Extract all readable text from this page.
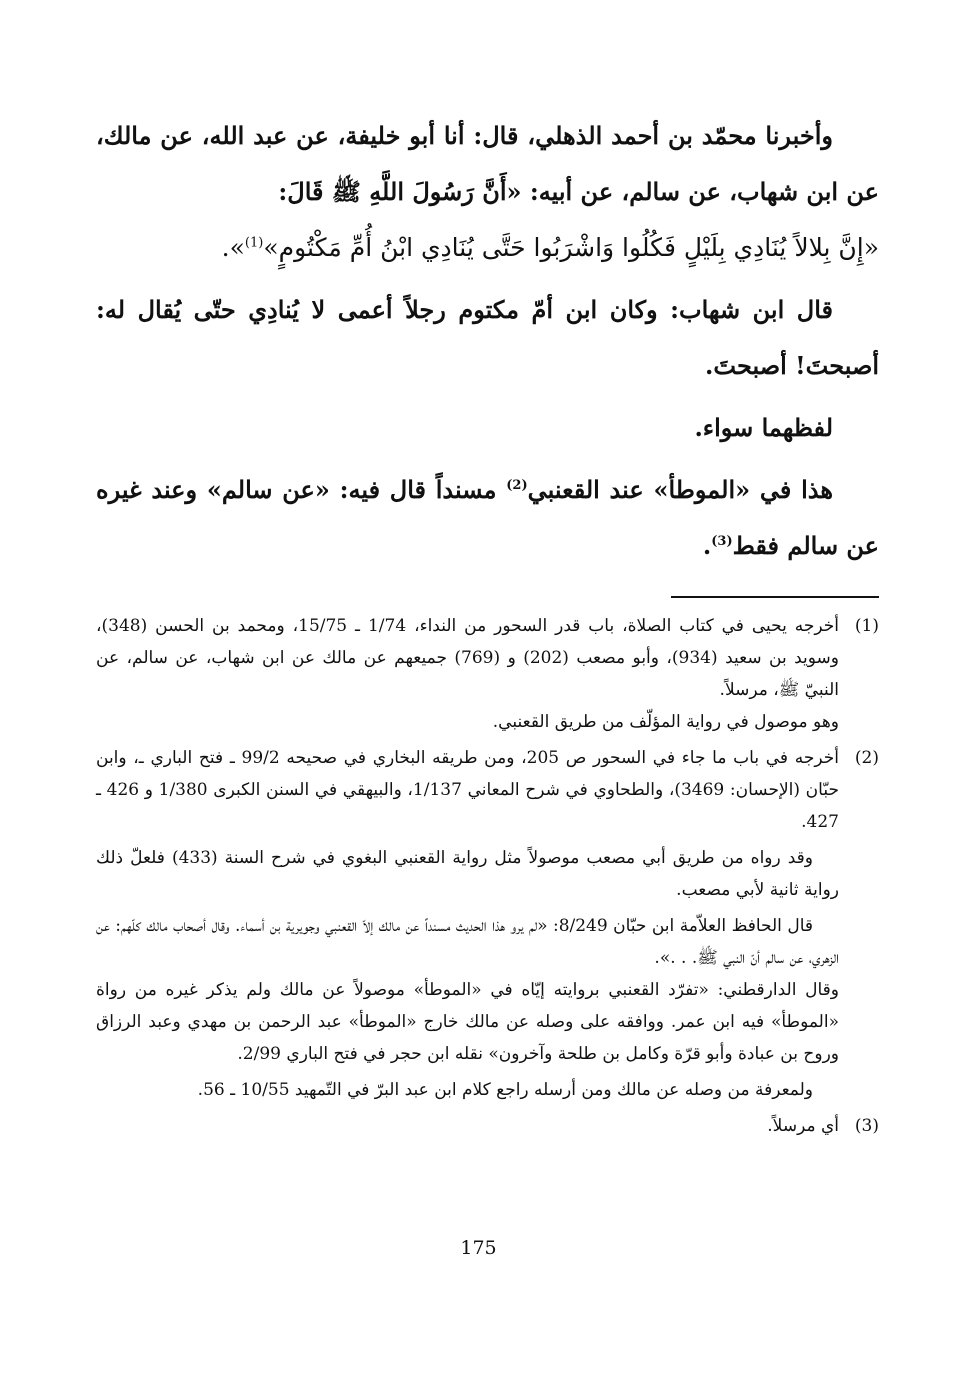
وأخبرنا محمّد بن أحمد الذهلي، قال: أنا أبو خليفة، عن عبد الله، عن مالك، عن ابن شهاب، عن سالم، عن أبيه: «أَنَّ رَسُولَ اللَّهِ ﷺ قَالَ:

«إِنَّ بِلالاً يُنَادِي بِلَيْلٍ فَكُلُوا وَاشْرَبُوا حَتَّى يُنَادِي ابْنُ أُمِّ مَكْتُومٍ»$^{(1)}$».

قال ابن شهاب: وكان ابن أمّ مكتوم رجلاً أعمى لا يُنادِي حتّى يُقال له: أصبحتَ! أصبحتَ.

لفظهما سواء.

هذا في «الموطأ» عند القعنبي$^{(2)}$ مسنداً قال فيه: «عن سالم» وعند غيره عن سالم فقط$^{(3)}$.

(1)

أخرجه يحيى في كتاب الصلاة، باب قدر السحور من النداء، 1/74 ـ 15/75، ومحمد بن الحسن (348)، وسويد بن سعيد (934)، وأبو مصعب (202) و (769) جميعهم عن مالك عن ابن شهاب، عن سالم، عن النبيّ ﷺ، مرسلاً.

وهو موصول في رواية المؤلّف من طريق القعنبي.

(2)

أخرجه في باب ما جاء في السحور ص 205، ومن طريقه البخاري في صحيحه 99/2 ـ فتح الباري ـ، وابن حبّان (الإحسان: 3469)، والطحاوي في شرح المعاني 1/137، والبيهقي في السنن الكبرى 1/380 و 426 ـ 427.

وقد رواه من طريق أبي مصعب موصولاً مثل رواية القعنبي البغوي في شرح السنة (433) فلعلّ ذلك رواية ثانية لأبي مصعب.

قال الحافظ العلاّمة ابن حبّان 8/249: «لم يرو هذا الحديث مسنداً عن مالك إلاّ القعنبي وجويرية بن أسماء. وقال أصحاب مالك كلّهم: عن الزهري، عن سالم أنّ النبي ﷺ. . .».

وقال الدارقطني: «تفرّد القعنبي بروايته إيّاه في «الموطأ» موصولاً عن مالك ولم يذكر غيره من رواة «الموطأ» فيه ابن عمر. ووافقه على وصله عن مالك خارج «الموطأ» عبد الرحمن بن مهدي وعبد الرزاق وروح بن عبادة وأبو قرّة وكامل بن طلحة وآخرون» نقله ابن حجر في فتح الباري 2/99.

ولمعرفة من وصله عن مالك ومن أرسله راجع كلام ابن عبد البرّ في التّمهيد 10/55 ـ 56.

(3)

أي مرسلاً.

175
